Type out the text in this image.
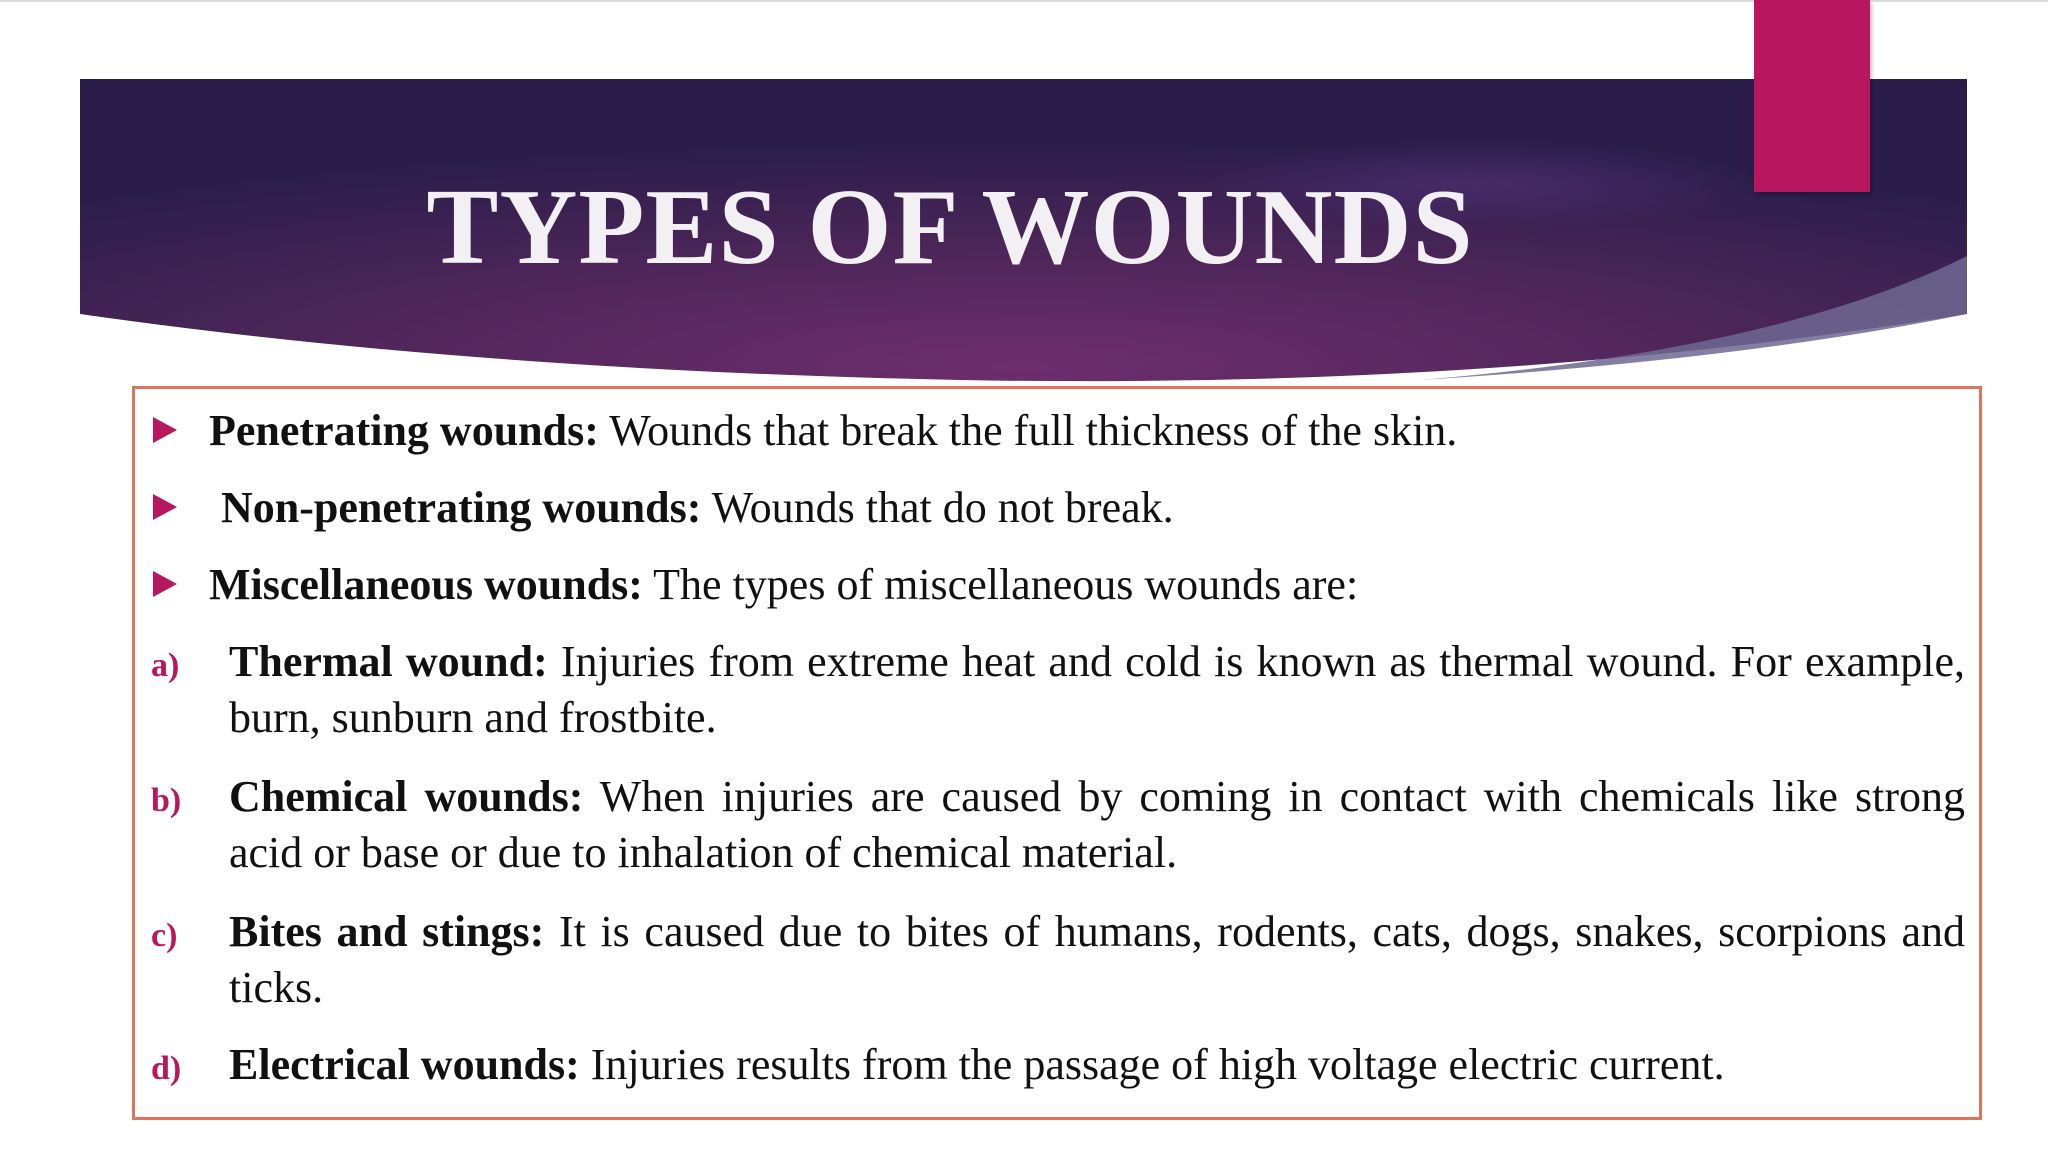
TYPES OF WOUNDS
Penetrating wounds: Wounds that break the full thickness of the skin.
Non-penetrating wounds: Wounds that do not break.
Miscellaneous wounds: The types of miscellaneous wounds are:
a) Thermal wound: Injuries from extreme heat and cold is known as thermal wound. For example, burn, sunburn and frostbite.
b) Chemical wounds: When injuries are caused by coming in contact with chemicals like strong acid or base or due to inhalation of chemical material.
c) Bites and stings: It is caused due to bites of humans, rodents, cats, dogs, snakes, scorpions and ticks.
d) Electrical wounds: Injuries results from the passage of high voltage electric current.
